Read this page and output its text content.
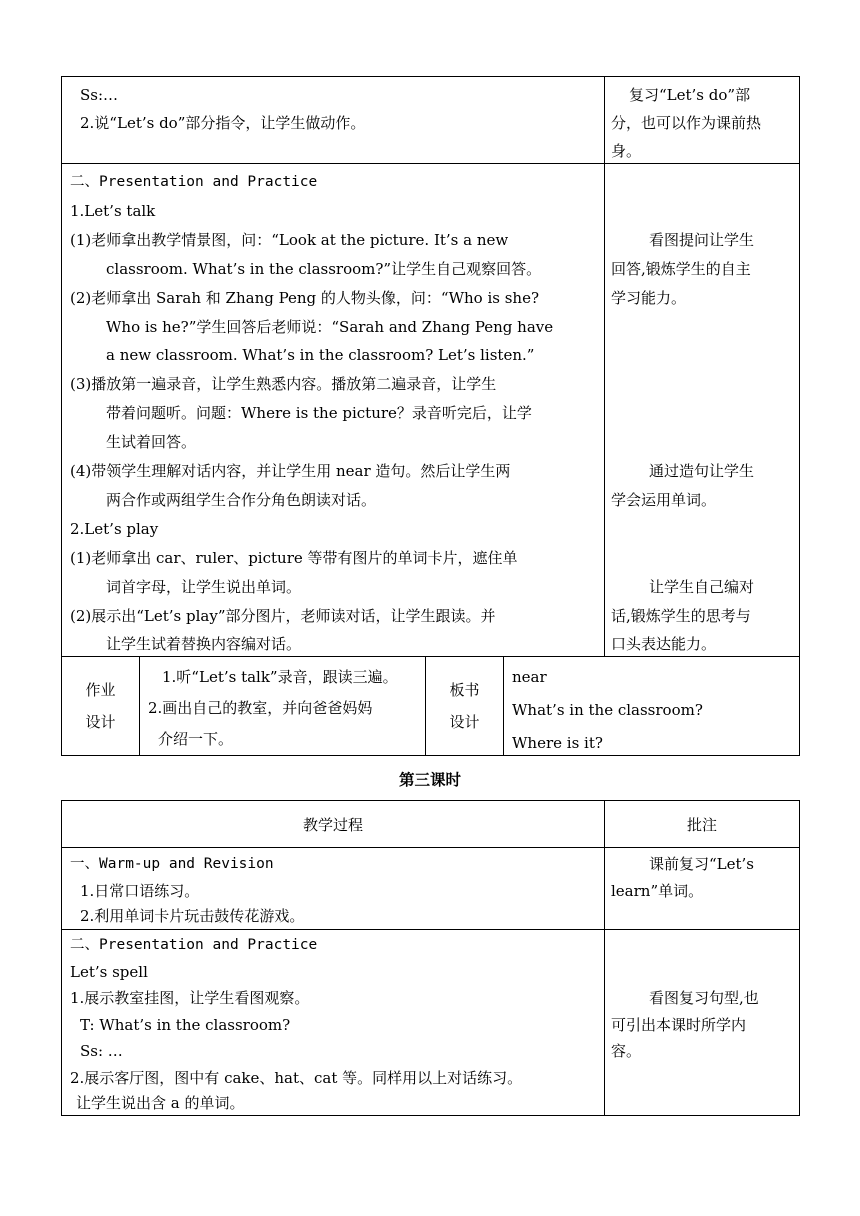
Ss:…
2.说“Let’s do”部分指令，让学生做动作。
复习“Let’s do”部
分，也可以作为课前热
身。
二、Presentation and Practice
1.Let’s talk
(1)老师拿出教学情景图，问：“Look at the picture. It’s a new
classroom. What’s in the classroom?”让学生自己观察回答。
(2)老师拿出 Sarah 和 Zhang Peng 的人物头像，问：“Who is she?
Who is he?”学生回答后老师说：“Sarah and Zhang Peng have
a new classroom. What’s in the classroom? Let’s listen.”
(3)播放第一遍录音，让学生熟悉内容。播放第二遍录音，让学生
带着问题听。问题：Where is the picture？录音听完后，让学
生试着回答。
(4)带领学生理解对话内容，并让学生用 near 造句。然后让学生两
两合作或两组学生合作分角色朗读对话。
2.Let’s play
(1)老师拿出 car、ruler、picture 等带有图片的单词卡片，遮住单
词首字母，让学生说出单词。
(2)展示出“Let’s play”部分图片，老师读对话，让学生跟读。并
让学生试着替换内容编对话。
看图提问让学生
回答,锻炼学生的自主
学习能力。
通过造句让学生
学会运用单词。
让学生自己编对
话,锻炼学生的思考与
口头表达能力。
作业
设计
1.听“Let’s talk”录音，跟读三遍。
2.画出自己的教室，并向爸爸妈妈
介绍一下。
板书
设计
near
What’s in the classroom?
Where is it?
第三课时
教学过程	批注
一、Warm-up and Revision
1.日常口语练习。
2.利用单词卡片玩击鼓传花游戏。
课前复习“Let’s
learn”单词。
二、Presentation and Practice
Let’s spell
1.展示教室挂图，让学生看图观察。
T: What’s in the classroom?
Ss: …
2.展示客厅图，图中有 cake、hat、cat 等。同样用以上对话练习。
让学生说出含 a 的单词。
看图复习句型,也
可引出本课时所学内
容。
